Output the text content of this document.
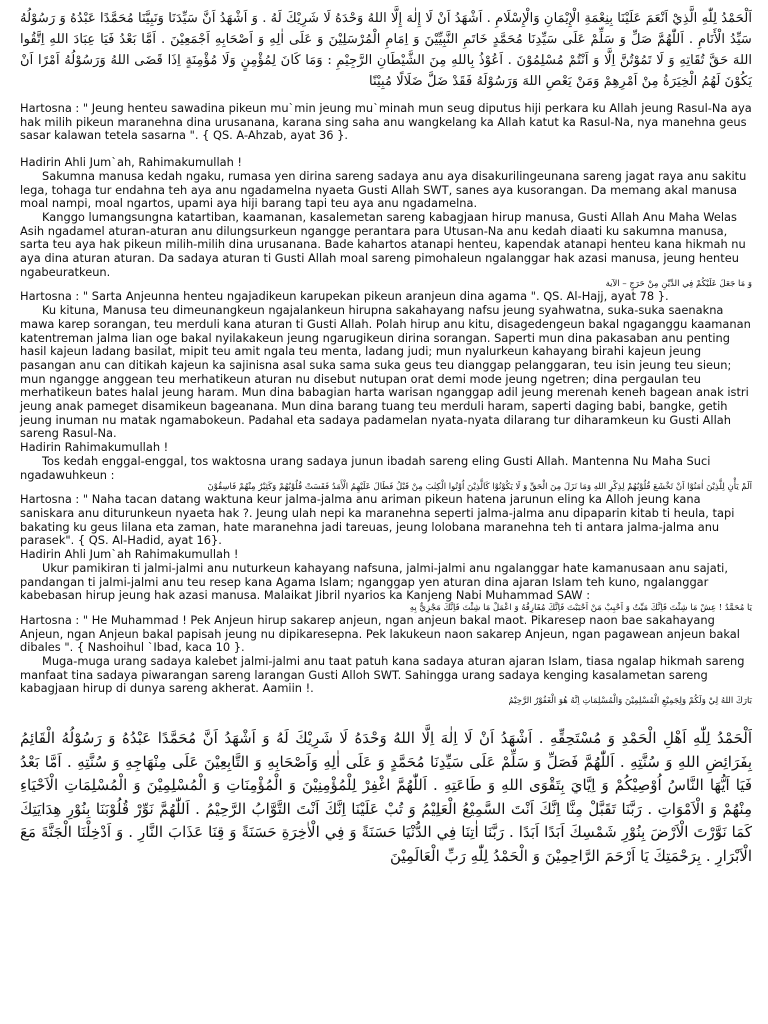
اَلْحَمْدُ لِلّٰهِ الَّذِيْ اَنْعَمَ عَلَيْنَا بِنِعْمَةِ الْإِيْمَانِ وَالْإِسْلَامِ . اَشْهَدُ اَنْ لَا إِلٰهَ إِلَّا اللهُ وَحْدَهُ لَا شَرِيْكَ لَهُ . وَ اَشْهَدُ اَنَّ سَيِّدَنَا وَنَبِيَّنَا مُحَمَّدًا عَبْدُهُ وَ رَسُوْلُهُ سَيِّدُ الْأَنَامِ . اَللّٰهُمَّ صَلِّ وَ سَلِّمْ عَلَى سَيِّدِنَا مُحَمَّدٍ خَاتَمِ النَّبِيِّيْنَ وَ اِمَامِ الْمُرْسَلِيْنَ وَ عَلَى اٰلِهِ وَ اَصْحَابِهِ اَجْمَعِيْنَ . اَمَّا بَعْدُ فَيَا عِبَادَ اللهِ اِتَّقُوا اللهَ حَقَّ تُقَاتِهِ وَ لَا تَمُوْتُنَّ اِلَّا وَ اَنْتُمْ مُسْلِمُوْنَ . اَعُوْذُ بِاللهِ مِنَ الشَّيْطَانِ الرَّجِيْمِ : وَمَا كَانَ لِمُؤْمِنٍ وَلَا مُؤْمِنَةٍ اِذَا قَضَى اللهُ وَرَسُوْلُهُ اَمْرًا اَنْ يَكُوْنَ لَهُمُ الْخِيَرَةُ مِنْ اَمْرِهِمْ وَمَنْ يَعْصِ اللهَ وَرَسُوْلَهُ فَقَدْ ضَلَّ ضَلَالًا مُبِيْنًا

Hartosna : " Jeung henteu sawadina pikeun mu`min jeung mu`minah mun seug diputus hiji perkara ku Allah jeung Rasul-Na aya hak milih pikeun maranehna dina urusanana, karana sing saha anu wangkelang ka Allah katut ka Rasul-Na, nya manehna geus sasar kalawan tetela sasarna ". { QS. A-Ahzab, ayat 36 }.

Hadirin Ahli Jum`ah, Rahimakumullah !

Sakumna manusa kedah ngaku, rumasa yen dirina sareng sadaya anu aya disakurilingeunana sareng jagat raya anu sakitu lega, tohaga tur endahna teh aya anu ngadamelna nyaeta Gusti Allah SWT, sanes aya kusorangan. Da memang akal manusa moal nampi, moal ngartos, upami aya hiji barang tapi teu aya anu ngadamelna.

Kanggo lumangsungna katartiban, kaamanan, kasalemetan sareng kabagjaan hirup manusa, Gusti Allah Anu Maha Welas Asih ngadamel aturan-aturan anu dilungsurkeun ngangge perantara para Utusan-Na anu kedah diaati ku sakumna manusa, sarta teu aya hak pikeun milih-milih dina urusanana. Bade kahartos atanapi henteu, kapendak atanapi henteu kana hikmah nu aya dina aturan aturan. Da sadaya aturan ti Gusti Allah moal sareng pimohaleun ngalanggar hak azasi manusa, jeung henteu ngabeuratkeun.

وَ مَا جَعَلَ عَلَيْكُمْ فِي الدِّيْنِ مِنْ حَرَجٍ – الآية

Hartosna : " Sarta Anjeunna henteu ngajadikeun karupekan pikeun aranjeun dina agama ". QS. Al-Hajj, ayat 78 }.

Ku kituna, Manusa teu dimeunangkeun ngajalankeun hirupna sakahayang nafsu jeung syahwatna, suka-suka saenakna mawa karep sorangan, teu merduli kana aturan ti Gusti Allah. Polah hirup anu kitu, disagedengeun bakal ngaganggu kaamanan katentreman jalma lian oge bakal nyilakakeun jeung ngarugikeun dirina sorangan. Saperti mun dina pakasaban anu penting hasil kajeun ladang basilat, mipit teu amit ngala teu menta, ladang judi; mun nyalurkeun kahayang birahi kajeun jeung pasangan anu can ditikah kajeun ka sajinisna asal suka sama suka geus teu dianggap pelanggaran, teu isin jeung teu sieun; mun ngangge anggean teu merhatikeun aturan nu disebut nutupan orat demi mode jeung ngetren; dina pergaulan teu merhatikeun bates halal jeung haram. Mun dina babagian harta warisan nganggap adil jeung merenah keneh bagean anak istri jeung anak pameget disamikeun bageanana. Mun dina barang tuang teu merduli haram, saperti daging babi, bangke, getih jeung inuman nu matak ngamabokeun. Padahal eta sadaya padamelan nyata-nyata dilarang tur diharamkeun ku Gusti Allah sareng Rasul-Na.

Hadirin Rahimakumullah !

Tos kedah enggal-enggal, tos waktosna urang sadaya junun ibadah sareng eling Gusti Allah. Mantenna Nu Maha Suci ngadawuhkeun :

اَلَمْ يَأْنِ لِلَّذِيْنَ اٰمَنُوْا اَنْ تَخْشَعَ قُلُوْبُهُمْ لِذِكْرِ اللهِ وَمَا نَزَلَ مِنَ الْحَقِّ وَ لَا يَكُوْنُوْا كَالَّذِيْنَ اُوْتُوا الْكِتٰبَ مِنْ قَبْلُ فَطَالَ عَلَيْهِمُ الْأَمَدُ فَقَسَتْ قُلُوْبُهُمْ وَكَثِيْرٌ مِنْهُمْ فَاسِقُوْنَ

Hartosna : " Naha tacan datang waktuna keur jalma-jalma anu ariman pikeun hatena jarunun eling ka Alloh jeung kana saniskara anu diturunkeun nyaeta hak ?. Jeung ulah nepi ka maranehna seperti jalma-jalma anu dipaparin kitab ti heula, tapi bakating ku geus lilana eta zaman, hate maranehna jadi tareuas, jeung lolobana maranehna teh ti antara jalma-jalma anu parasek". { QS. Al-Hadid, ayat 16}.

Hadirin Ahli Jum`ah Rahimakumullah !

Ukur pamikiran ti jalmi-jalmi anu nuturkeun kahayang nafsuna, jalmi-jalmi anu ngalanggar hate kamanusaan anu sajati, pandangan ti jalmi-jalmi anu teu resep kana Agama Islam; nganggap yen aturan dina ajaran Islam teh kuno, ngalanggar kabebasan hirup jeung hak azasi manusa. Malaikat Jibril nyarios ka Kanjeng Nabi Muhammad SAW :

يَا مُحَمَّدُ ! عِشْ مَا شِئْتَ فَاِنَّكَ مَيِّتٌ وَ اَحْبِبْ مَنْ اَحْبَبْتَ فَاِنَّكَ مُفَارِقُهُ وَ اعْمَلْ مَا شِئْتَ فَاِنَّكَ مَجْزِيٌّ بِهِ

Hartosna : " He Muhammad ! Pek Anjeun hirup sakarep anjeun, ngan anjeun bakal maot. Pikaresep naon bae sakahayang Anjeun, ngan Anjeun bakal papisah jeung nu dipikaresepna. Pek lakukeun naon sakarep Anjeun, ngan pagawean anjeun bakal dibales ". { Nashoihul `Ibad, kaca 10 }.

Muga-muga urang sadaya kalebet jalmi-jalmi anu taat patuh kana sadaya aturan ajaran Islam, tiasa ngalap hikmah sareng manfaat tina sadaya piwarangan sareng larangan Gusti Alloh SWT. Sahingga urang sadaya kenging kasalametan sareng kabagjaan hirup di dunya sareng akherat. Aamiin !.

بَارَكَ اللهُ لِيْ وَلَكُمْ وَلِجَمِيْعِ الْمُسْلِمِيْنَ وَالْمُسْلِمَاتِ اِنَّهُ هُوَ الْغَفُوْرُ الرَّحِيْمُ

اَلْحَمْدُ لِلّٰهِ اَهْلِ الْحَمْدِ وَ مُسْتَحِقِّهِ . اَشْهَدُ اَنْ لَا اِلٰهَ اِلَّا اللهُ وَحْدَهُ لَا شَرِيْكَ لَهُ وَ اَشْهَدُ اَنَّ مُحَمَّدًا عَبْدُهُ وَ رَسُوْلُهُ الْقَائِمُ بِفَرَائِضِ اللهِ وَ سُنَّتِهِ . اَللّٰهُمَّ فَصَلِّ وَ سَلِّمْ عَلَى سَيِّدِنَا مُحَمَّدٍ وَ عَلَى اٰلِهِ وَاَصْحَابِهِ وَ التَّابِعِيْنَ عَلَى مِنْهَاجِهِ وَ سُنَّتِهِ . اَمَّا بَعْدُ فَيَا اَيُّهَا النَّاسُ اُوْصِيْكُمْ وَ اِيَّايَ بِتَقْوَى اللهِ وَ طَاعَتِهِ . اَللّٰهُمَّ اغْفِرْ لِلْمُؤْمِنِيْنَ وَ الْمُؤْمِنَاتِ وَ الْمُسْلِمِيْنَ وَ الْمُسْلِمَاتِ الْاَحْيَاءِ مِنْهُمْ وَ الْاَمْوَاتِ . رَبَّنَا تَقَبَّلْ مِنَّا اِنَّكَ اَنْتَ السَّمِيْعُ الْعَلِيْمُ وَ تُبْ عَلَيْنَا اِنَّكَ اَنْتَ التَّوَّابُ الرَّحِيْمُ . اَللّٰهُمَّ نَوِّرْ قُلُوْبَنَا بِنُوْرِ هِدَايَتِكَ كَمَا نَوَّرْتَ الْاَرْضَ بِنُوْرِ شَمْسِكَ اَبَدًا اَبَدًا . رَبَّنَا اٰتِنَا فِي الدُّنْيَا حَسَنَةً وَ فِي الْاٰخِرَةِ حَسَنَةً وَ قِنَا عَذَابَ النَّارِ . وَ اَدْخِلْنَا الْجَنَّةَ مَعَ الْاَبْرَارِ . بِرَحْمَتِكَ يَا اَرْحَمَ الرَّاحِمِيْنَ وَ الْحَمْدُ لِلّٰهِ رَبِّ الْعَالَمِيْنَ
